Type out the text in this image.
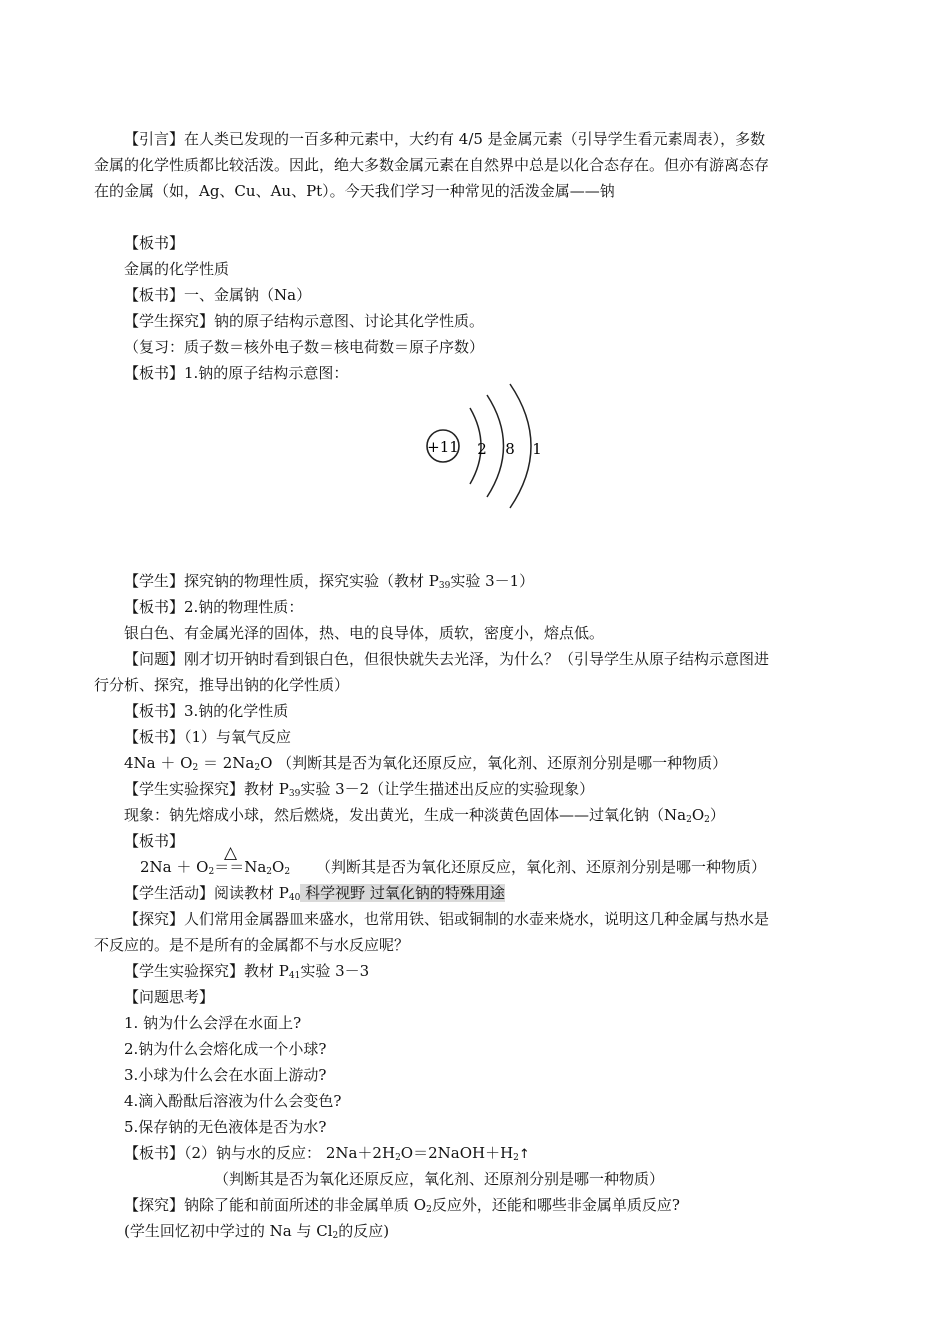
【引言】在人类已发现的一百多种元素中，大约有 4/5 是金属元素（引导学生看元素周表），多数
金属的化学性质都比较活泼。因此，绝大多数金属元素在自然界中总是以化合态存在。但亦有游离态存
在的金属（如，Ag、Cu、Au、Pt）。今天我们学习一种常见的活泼金属——钠
【板书】
金属的化学性质
【板书】一、金属钠（Na）
【学生探究】钠的原子结构示意图、讨论其化学性质。
（复习：质子数＝核外电子数＝核电荷数＝原子序数）
【板书】1.钠的原子结构示意图：
+11 2 8 1
【学生】探究钠的物理性质，探究实验（教材 $P_{39}$实验 3－1）
【板书】2.钠的物理性质：
银白色、有金属光泽的固体，热、电的良导体，质软，密度小，熔点低。
【问题】刚才切开钠时看到银白色，但很快就失去光泽，为什么？（引导学生从原子结构示意图进
行分析、探究，推导出钠的化学性质）
【板书】3.钠的化学性质
【板书】（1）与氧气反应
$4Na + O_2 = 2Na_2O$ （判断其是否为氧化还原反应，氧化剂、还原剂分别是哪一种物质）
【学生实验探究】教材 $P_{39}$实验 3－2（让学生描述出反应的实验现象）
现象：钠先熔成小球，然后燃烧，发出黄光，生成一种淡黄色固体——过氧化钠$(Na_2O_2)$
【板书】
△
$2Na + O_2==Na_2O_2$ （判断其是否为氧化还原反应，氧化剂、还原剂分别是哪一种物质）
【学生活动】阅读教材 $P_{40}$ 科学视野 过氧化钠的特殊用途
【探究】人们常用金属器皿来盛水，也常用铁、铝或铜制的水壶来烧水，说明这几种金属与热水是
不反应的。是不是所有的金属都不与水反应呢？
【学生实验探究】教材 $P_{41}$实验 3－3
【问题思考】
1. 钠为什么会浮在水面上?
2.钠为什么会熔化成一个小球?
3.小球为什么会在水面上游动?
4.滴入酚酞后溶液为什么会变色?
5.保存钠的无色液体是否为水?
【板书】（2）钠与水的反应： $2Na+2H_2O=2NaOH+H_2↑$
（判断其是否为氧化还原反应，氧化剂、还原剂分别是哪一种物质）
【探究】钠除了能和前面所述的非金属单质 $O_2$反应外，还能和哪些非金属单质反应?
(学生回忆初中学过的 Na 与 $Cl_2$的反应)
